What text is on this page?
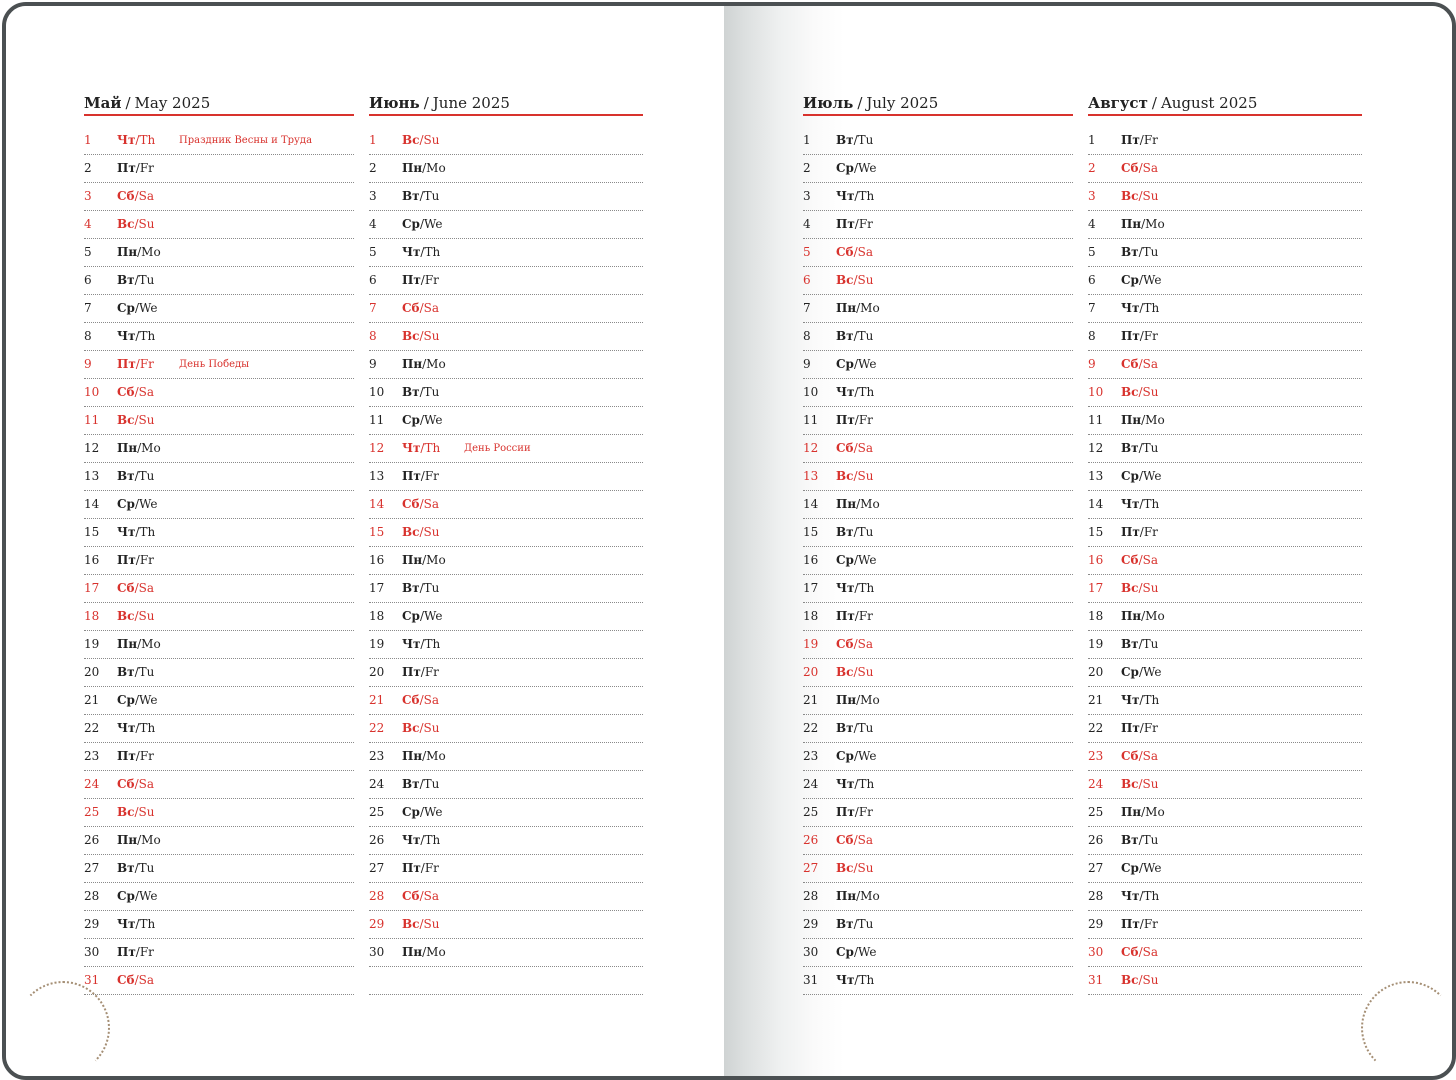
Май / May 2025
1 Чт/Th Праздник Весны и Труда
2 Пт/Fr
3 Сб/Sa
4 Вс/Su
5 Пн/Mo
6 Вт/Tu
7 Ср/We
8 Чт/Th
9 Пт/Fr	День Победы
10 Сб/Sa
11 Вс/Su
12 Пн/Mo
13 Вт/Tu
14 Ср/We
15 Чт/Th
16 Пт/Fr
17 Сб/Sa
18 Вс/Su
19 Пн/Mo
20 Вт/Tu
21 Ср/We
22 Чт/Th
23 Пт/Fr
24 Сб/Sa
25 Вс/Su
26 Пн/Mo
27 Вт/Tu
28 Ср/We
29 Чт/Th
30 Пт/Fr
31 Сб/Sa
Июнь / June 2025
1 Вс/Su
2 Пн/Mo
3 Вт/Tu
4 Ср/We
5 Чт/Th
6 Пт/Fr
7 Сб/Sa
8 Вс/Su
9 Пн/Mo
10 Вт/Tu
11 Ср/We
12 Чт/Th День России
13 Пт/Fr
14 Сб/Sa
15 Вс/Su
16 Пн/Mo
17 Вт/Tu
18 Ср/We
19 Чт/Th
20 Пт/Fr
21 Сб/Sa
22 Вс/Su
23 Пн/Mo
24 Вт/Tu
25 Ср/We
26 Чт/Th
27 Пт/Fr
28 Сб/Sa
29 Вс/Su
30 Пн/Mo
Июль / July 2025
1 Вт/Tu
2 Ср/We
3 Чт/Th
4 Пт/Fr
5 Сб/Sa
6 Вс/Su
7 Пн/Mo
8 Вт/Tu
9 Ср/We
10 Чт/Th
11 Пт/Fr
12 Сб/Sa
13 Вс/Su
14 Пн/Mo
15 Вт/Tu
16 Ср/We
17 Чт/Th
18 Пт/Fr
19 Сб/Sa
20 Вс/Su
21 Пн/Mo
22 Вт/Tu
23 Ср/We
24 Чт/Th
25 Пт/Fr
26 Сб/Sa
27 Вс/Su
28 Пн/Mo
29 Вт/Tu
30 Ср/We
31 Чт/Th
Август / August 2025
1 Пт/Fr
2 Сб/Sa
3 Вс/Su
4 Пн/Mo
5 Вт/Tu
6 Ср/We
7 Чт/Th
8 Пт/Fr
9 Сб/Sa
10 Вс/Su
11 Пн/Mo
12 Вт/Tu
13 Ср/We
14 Чт/Th
15 Пт/Fr
16 Сб/Sa
17 Вс/Su
18 Пн/Mo
19 Вт/Tu
20 Ср/We
21 Чт/Th
22 Пт/Fr
23 Сб/Sa
24 Вс/Su
25 Пн/Mo
26 Вт/Tu
27 Ср/We
28 Чт/Th
29 Пт/Fr
30 Сб/Sa
31 Вс/Su
